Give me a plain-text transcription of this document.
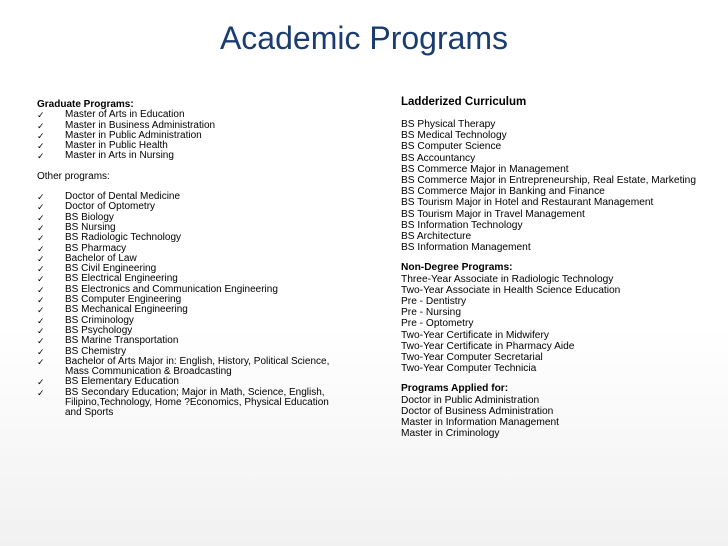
Academic Programs
Graduate Programs:
✓	Master of Arts in Education
✓	Master in Business Administration
✓	Master in Public Administration
✓	Master in Public Health
✓	Master in Arts in Nursing
Other programs:
✓	Doctor of Dental Medicine
✓	Doctor of Optometry
✓	BS Biology
✓	BS Nursing
✓	BS Radiologic Technology
✓	BS Pharmacy
✓	Bachelor of Law
✓	BS Civil Engineering
✓	BS Electrical Engineering
✓	BS Electronics and Communication Engineering
✓	BS Computer Engineering
✓	BS Mechanical Engineering
✓	BS Criminology
✓	BS Psychology
✓	BS Marine Transportation
✓	BS Chemistry
✓	Bachelor of Arts Major in: English, History, Political Science, Mass Communication & Broadcasting
✓	BS Elementary Education
✓	BS Secondary Education; Major in Math, Science, English, Filipino,Technology, Home ?Economics, Physical Education and Sports
Ladderized Curriculum
BS Physical Therapy
BS Medical Technology
BS Computer Science
BS Accountancy
BS Commerce Major in Management
BS Commerce Major in Entrepreneurship, Real Estate, Marketing
BS Commerce Major in Banking and Finance
BS Tourism Major in Hotel and Restaurant Management
BS Tourism Major in Travel Management
BS Information Technology
BS Architecture
BS Information Management
Non-Degree Programs:
Three-Year Associate in Radiologic Technology
Two-Year Associate in Health Science Education
Pre - Dentistry
Pre - Nursing
Pre - Optometry
Two-Year Certificate in Midwifery
Two-Year Certificate in Pharmacy Aide
Two-Year Computer Secretarial
Two-Year Computer Technicia
Programs Applied for:
Doctor in Public Administration
Doctor of Business Administration
Master in Information Management
Master in Criminology
